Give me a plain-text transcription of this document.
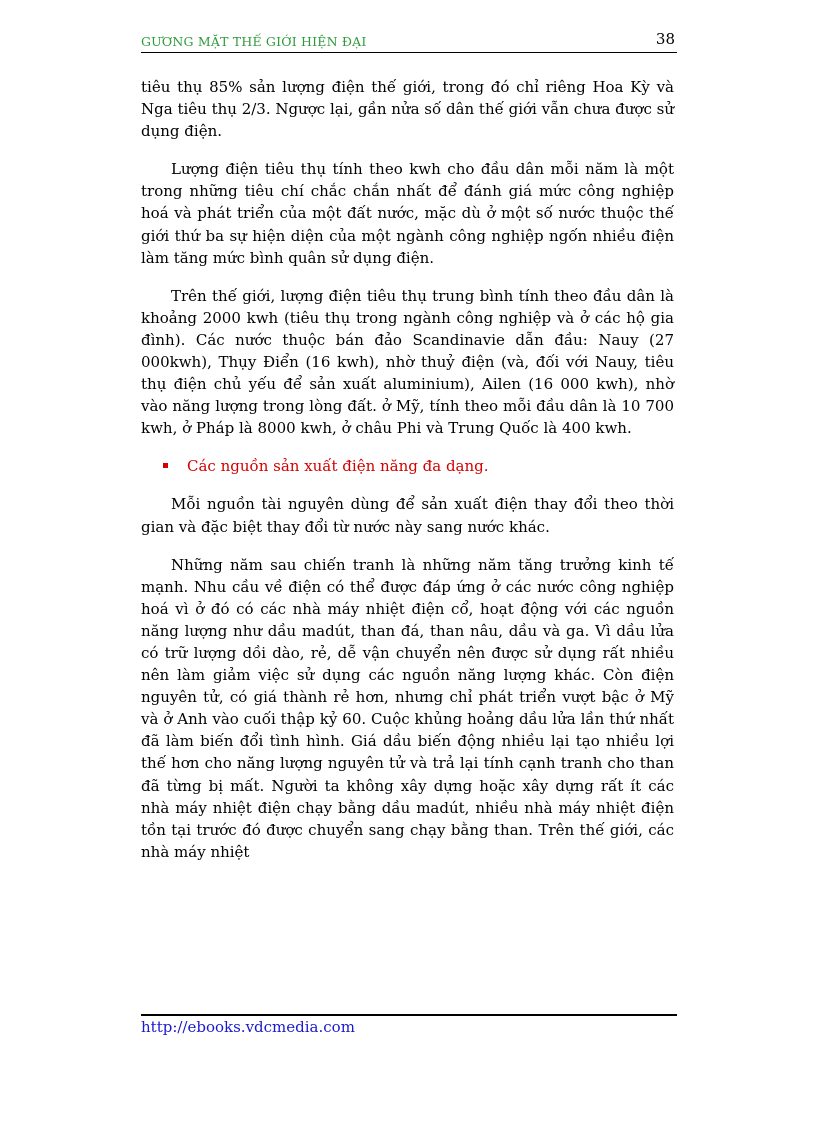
GƯƠNG MẶT THẾ GIỚI HIỆN ĐẠI	38

tiêu thụ 85% sản lượng điện thế giới, trong đó chỉ riêng Hoa Kỳ và Nga tiêu thụ 2/3. Ngược lại, gần nửa số dân thế giới vẫn chưa được sử dụng điện.

Lượng điện tiêu thụ tính theo kwh cho đầu dân mỗi năm là một trong những tiêu chí chắc chắn nhất để đánh giá mức công nghiệp hoá và phát triển của một đất nước, mặc dù ở một số nước thuộc thế giới thứ ba sự hiện diện của một ngành công nghiệp ngốn nhiều điện làm tăng mức bình quân sử dụng điện.

Trên thế giới, lượng điện tiêu thụ trung bình tính theo đầu dân là khoảng 2000 kwh (tiêu thụ trong ngành công nghiệp và ở các hộ gia đình). Các nước thuộc bán đảo Scandinavie dẫn đầu: Nauy (27 000kwh), Thụy Điển (16 kwh), nhờ thuỷ điện (và, đối với Nauy, tiêu thụ điện chủ yếu để sản xuất aluminium), Ailen (16 000 kwh), nhờ vào năng lượng trong lòng đất. ở Mỹ, tính theo mỗi đầu dân là 10 700 kwh, ở Pháp là 8000 kwh, ở châu Phi và Trung Quốc là 400 kwh.

Các nguồn sản xuất điện năng đa dạng.

Mỗi nguồn tài nguyên dùng để sản xuất điện thay đổi theo thời gian và đặc biệt thay đổi từ nước này sang nước khác.

Những năm sau chiến tranh là những năm tăng trưởng kinh tế mạnh. Nhu cầu về điện có thể được đáp ứng ở các nước công nghiệp hoá vì ở đó có các nhà máy nhiệt điện cổ, hoạt động với các nguồn năng lượng như dầu madút, than đá, than nâu, dầu và ga. Vì dầu lửa có trữ lượng dồi dào, rẻ, dễ vận chuyển nên được sử dụng rất nhiều nên làm giảm việc sử dụng các nguồn năng lượng khác. Còn điện nguyên tử, có giá thành rẻ hơn, nhưng chỉ phát triển vượt bậc ở Mỹ và ở Anh vào cuối thập kỷ 60. Cuộc khủng hoảng dầu lửa lần thứ nhất đã làm biến đổi tình hình. Giá dầu biến động nhiều lại tạo nhiều lợi thế hơn cho năng lượng nguyên tử và trả lại tính cạnh tranh cho than đã từng bị mất. Người ta không xây dựng hoặc xây dựng rất ít các nhà máy nhiệt điện chạy bằng dầu madút, nhiều nhà máy nhiệt điện tồn tại trước đó được chuyển sang chạy bằng than. Trên thế giới, các nhà máy nhiệt

http://ebooks.vdcmedia.com
